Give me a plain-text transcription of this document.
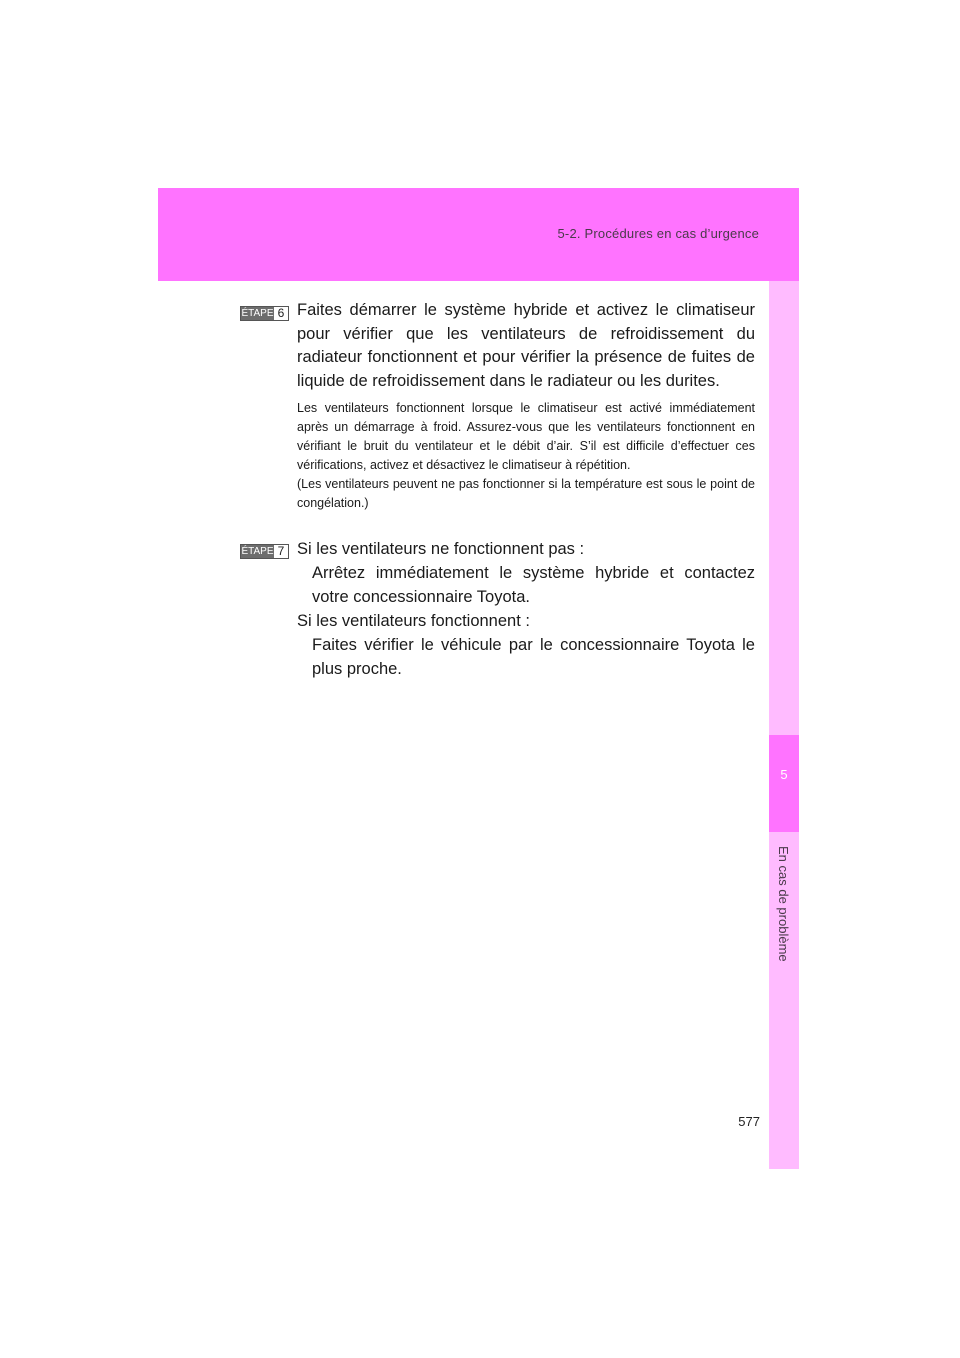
5-2. Procédures en cas d’urgence
5
En cas de problème
ÉTAPE 6 Faites démarrer le système hybride et activez le climatiseur pour vérifier que les ventilateurs de refroidissement du radiateur fonctionnent et pour vérifier la présence de fuites de liquide de refroidissement dans le radiateur ou les durites.

Les ventilateurs fonctionnent lorsque le climatiseur est activé immédiatement après un démarrage à froid. Assurez-vous que les ventilateurs fonctionnent en vérifiant le bruit du ventilateur et le débit d’air. S’il est difficile d’effectuer ces vérifications, activez et désactivez le climatiseur à répétition.

(Les ventilateurs peuvent ne pas fonctionner si la température est sous le point de congélation.)

ÉTAPE 7 Si les ventilateurs ne fonctionnent pas :
Arrêtez immédiatement le système hybride et contactez votre concessionnaire Toyota.
Si les ventilateurs fonctionnent :
Faites vérifier le véhicule par le concessionnaire Toyota le plus proche.
577
